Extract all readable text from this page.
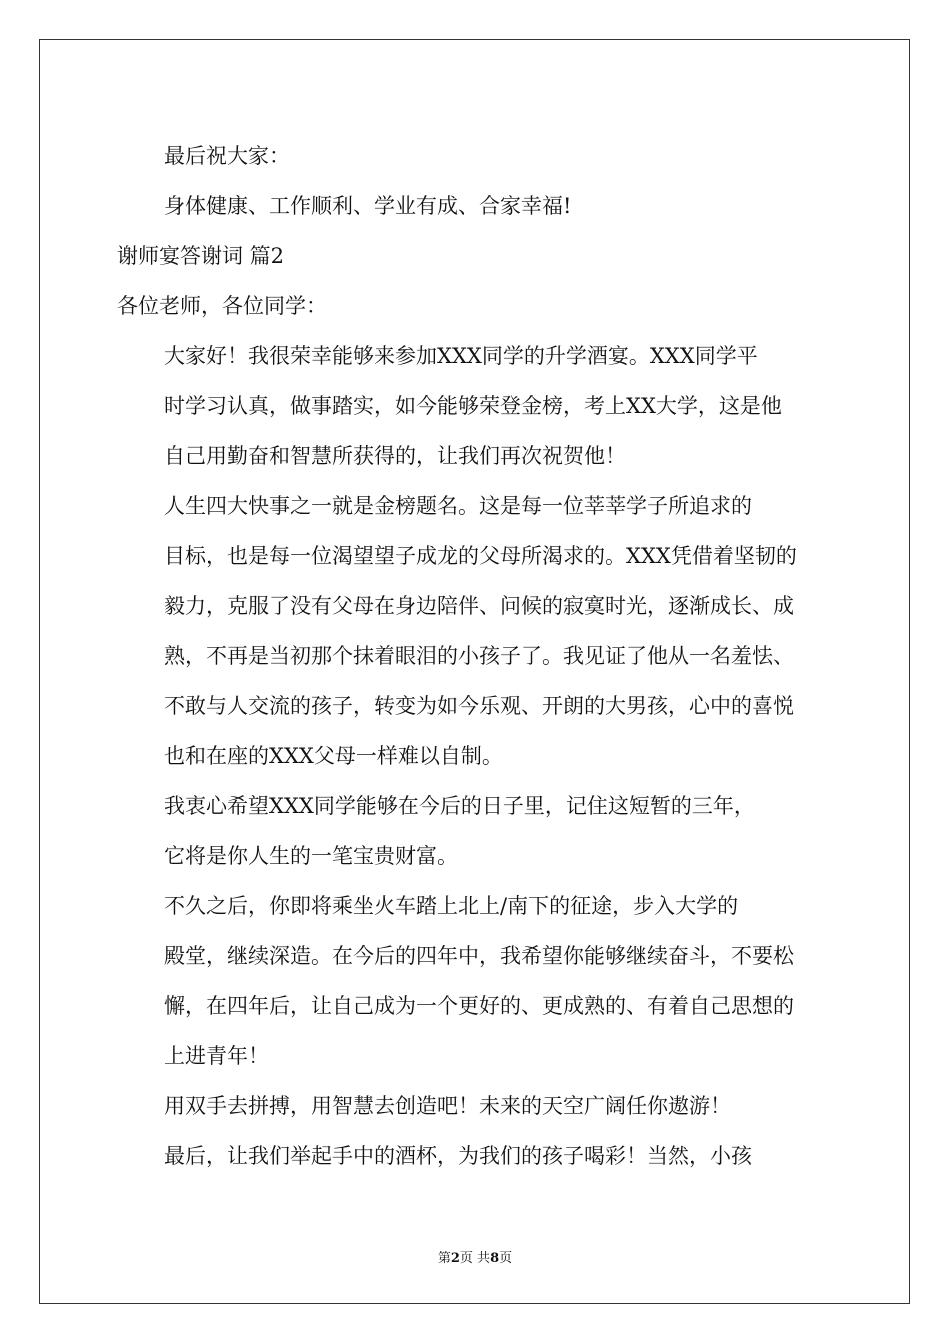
最后祝大家：
身体健康、工作顺利、学业有成、合家幸福!
谢师宴答谢词 篇2
各位老师，各位同学：
大家好！我很荣幸能够来参加XXX同学的升学酒宴。XXX同学平
时学习认真，做事踏实，如今能够荣登金榜，考上XX大学，这是他
自己用勤奋和智慧所获得的，让我们再次祝贺他！
人生四大快事之一就是金榜题名。这是每一位莘莘学子所追求的
目标，也是每一位渴望望子成龙的父母所渴求的。XXX凭借着坚韧的
毅力，克服了没有父母在身边陪伴、问候的寂寞时光，逐渐成长、成
熟，不再是当初那个抹着眼泪的小孩子了。我见证了他从一名羞怯、
不敢与人交流的孩子，转变为如今乐观、开朗的大男孩，心中的喜悦
也和在座的XXX父母一样难以自制。
我衷心希望XXX同学能够在今后的日子里，记住这短暂的三年，
它将是你人生的一笔宝贵财富。
不久之后，你即将乘坐火车踏上北上/南下的征途，步入大学的
殿堂，继续深造。在今后的四年中，我希望你能够继续奋斗，不要松
懈，在四年后，让自己成为一个更好的、更成熟的、有着自己思想的
上进青年！
用双手去拼搏，用智慧去创造吧！未来的天空广阔任你遨游！
最后，让我们举起手中的酒杯，为我们的孩子喝彩！当然，小孩
第2页 共8页
